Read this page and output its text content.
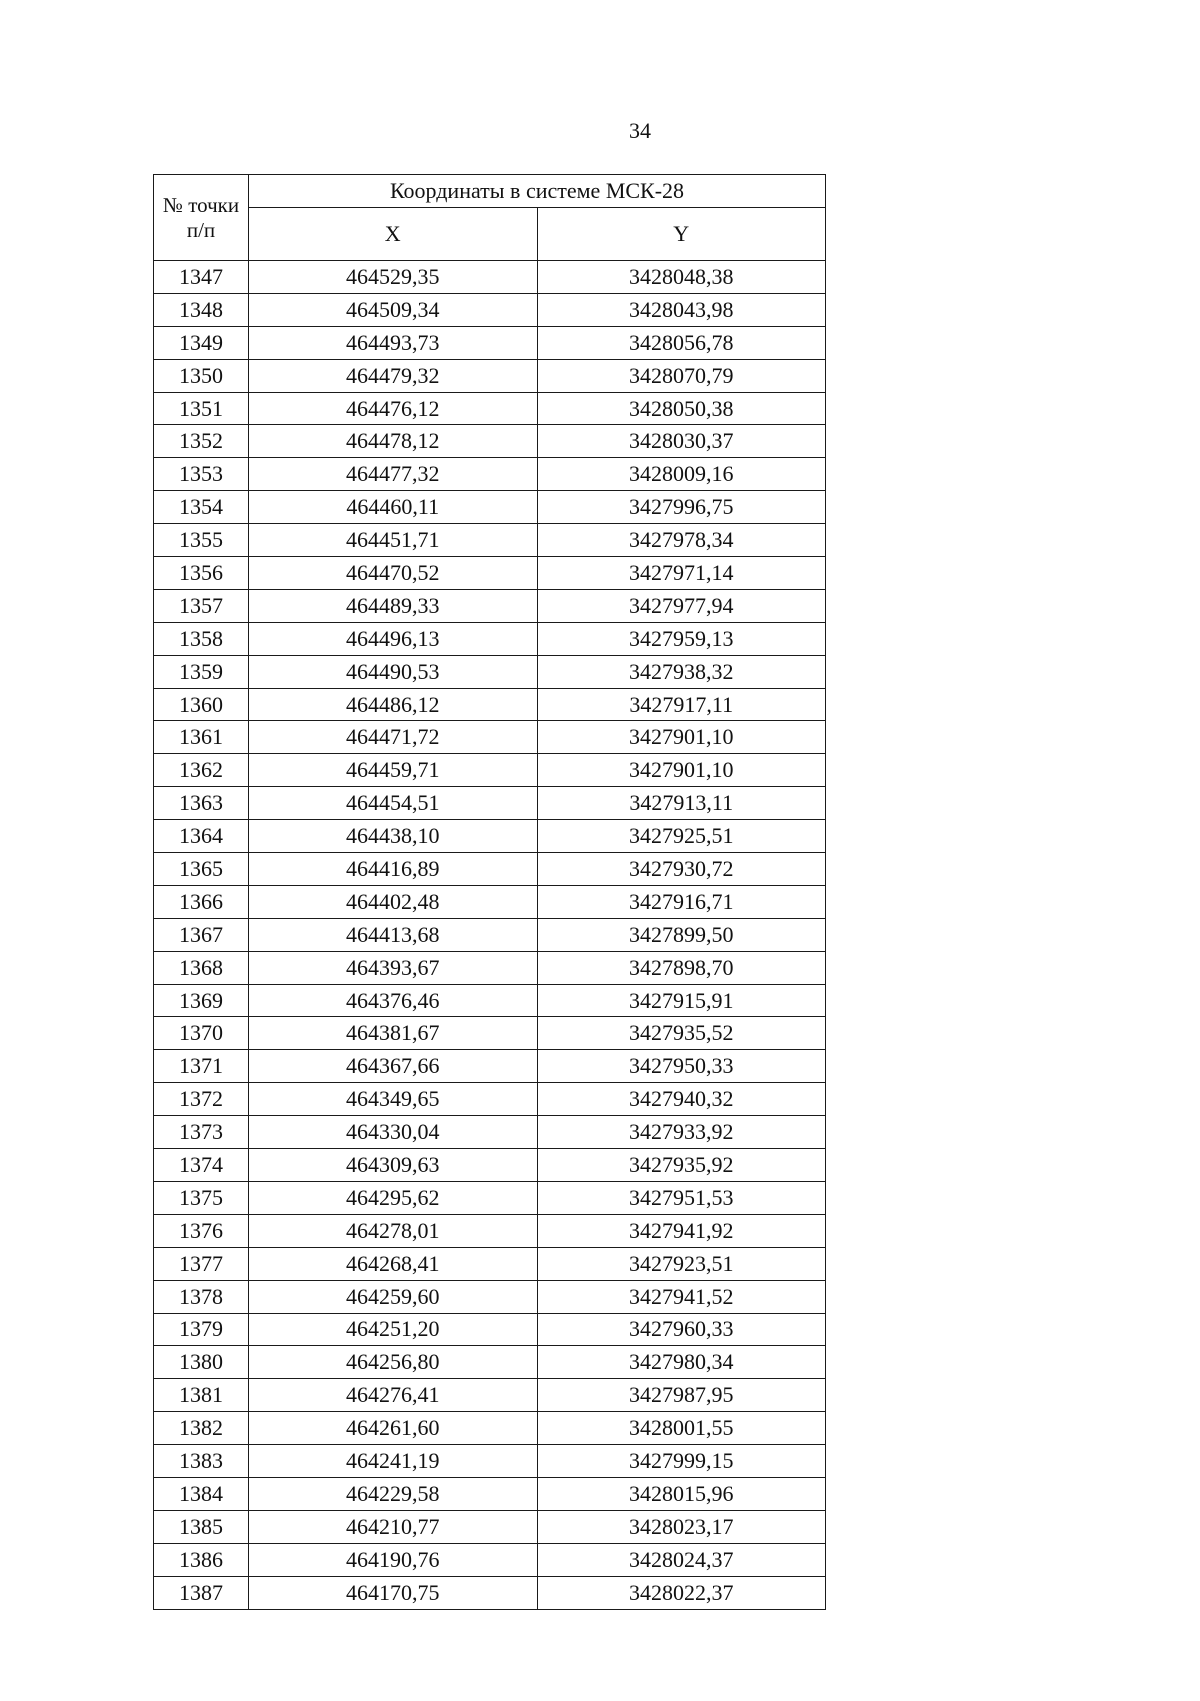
34
№ точки п/п	Координаты в системе МСК-28	
	X	Y
1347	464529,35	3428048,38
1348	464509,34	3428043,98
1349	464493,73	3428056,78
1350	464479,32	3428070,79
1351	464476,12	3428050,38
1352	464478,12	3428030,37
1353	464477,32	3428009,16
1354	464460,11	3427996,75
1355	464451,71	3427978,34
1356	464470,52	3427971,14
1357	464489,33	3427977,94
1358	464496,13	3427959,13
1359	464490,53	3427938,32
1360	464486,12	3427917,11
1361	464471,72	3427901,10
1362	464459,71	3427901,10
1363	464454,51	3427913,11
1364	464438,10	3427925,51
1365	464416,89	3427930,72
1366	464402,48	3427916,71
1367	464413,68	3427899,50
1368	464393,67	3427898,70
1369	464376,46	3427915,91
1370	464381,67	3427935,52
1371	464367,66	3427950,33
1372	464349,65	3427940,32
1373	464330,04	3427933,92
1374	464309,63	3427935,92
1375	464295,62	3427951,53
1376	464278,01	3427941,92
1377	464268,41	3427923,51
1378	464259,60	3427941,52
1379	464251,20	3427960,33
1380	464256,80	3427980,34
1381	464276,41	3427987,95
1382	464261,60	3428001,55
1383	464241,19	3427999,15
1384	464229,58	3428015,96
1385	464210,77	3428023,17
1386	464190,76	3428024,37
1387	464170,75	3428022,37
